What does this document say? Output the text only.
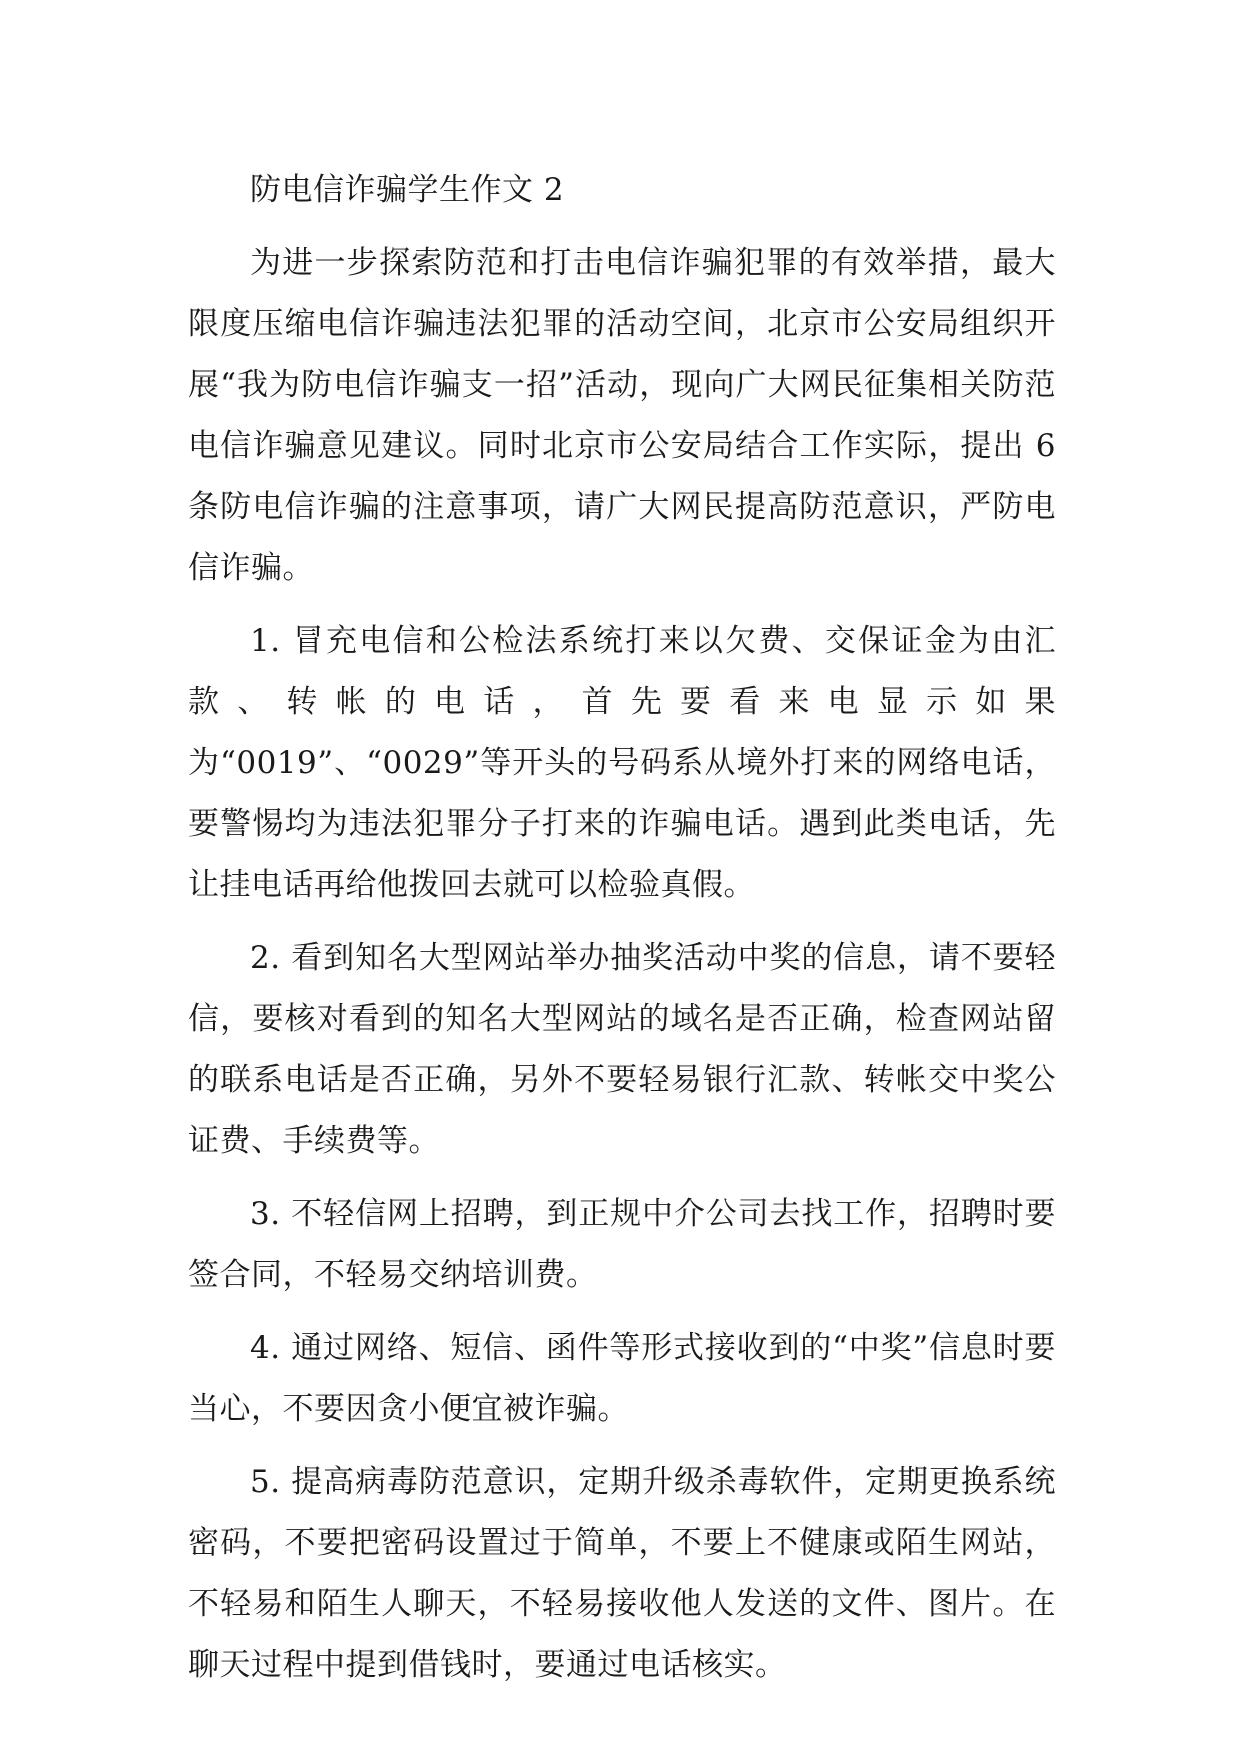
防电信诈骗学生作文 2

为进一步探索防范和打击电信诈骗犯罪的有效举措，最大限度压缩电信诈骗违法犯罪的活动空间，北京市公安局组织开展“我为防电信诈骗支一招”活动，现向广大网民征集相关防范电信诈骗意见建议。同时北京市公安局结合工作实际，提出 6 条防电信诈骗的注意事项，请广大网民提高防范意识，严防电信诈骗。

1. 冒充电信和公检法系统打来以欠费、交保证金为由汇款、转帐的电话，首先要看来电显示如果为“0019”、“0029”等开头的号码系从境外打来的网络电话，要警惕均为违法犯罪分子打来的诈骗电话。遇到此类电话，先让挂电话再给他拨回去就可以检验真假。

2. 看到知名大型网站举办抽奖活动中奖的信息，请不要轻信，要核对看到的知名大型网站的域名是否正确，检查网站留的联系电话是否正确，另外不要轻易银行汇款、转帐交中奖公证费、手续费等。

3. 不轻信网上招聘，到正规中介公司去找工作，招聘时要签合同，不轻易交纳培训费。

4. 通过网络、短信、函件等形式接收到的“中奖”信息时要当心，不要因贪小便宜被诈骗。

5. 提高病毒防范意识，定期升级杀毒软件，定期更换系统密码，不要把密码设置过于简单，不要上不健康或陌生网站，不轻易和陌生人聊天，不轻易接收他人发送的文件、图片。在聊天过程中提到借钱时，要通过电话核实。
